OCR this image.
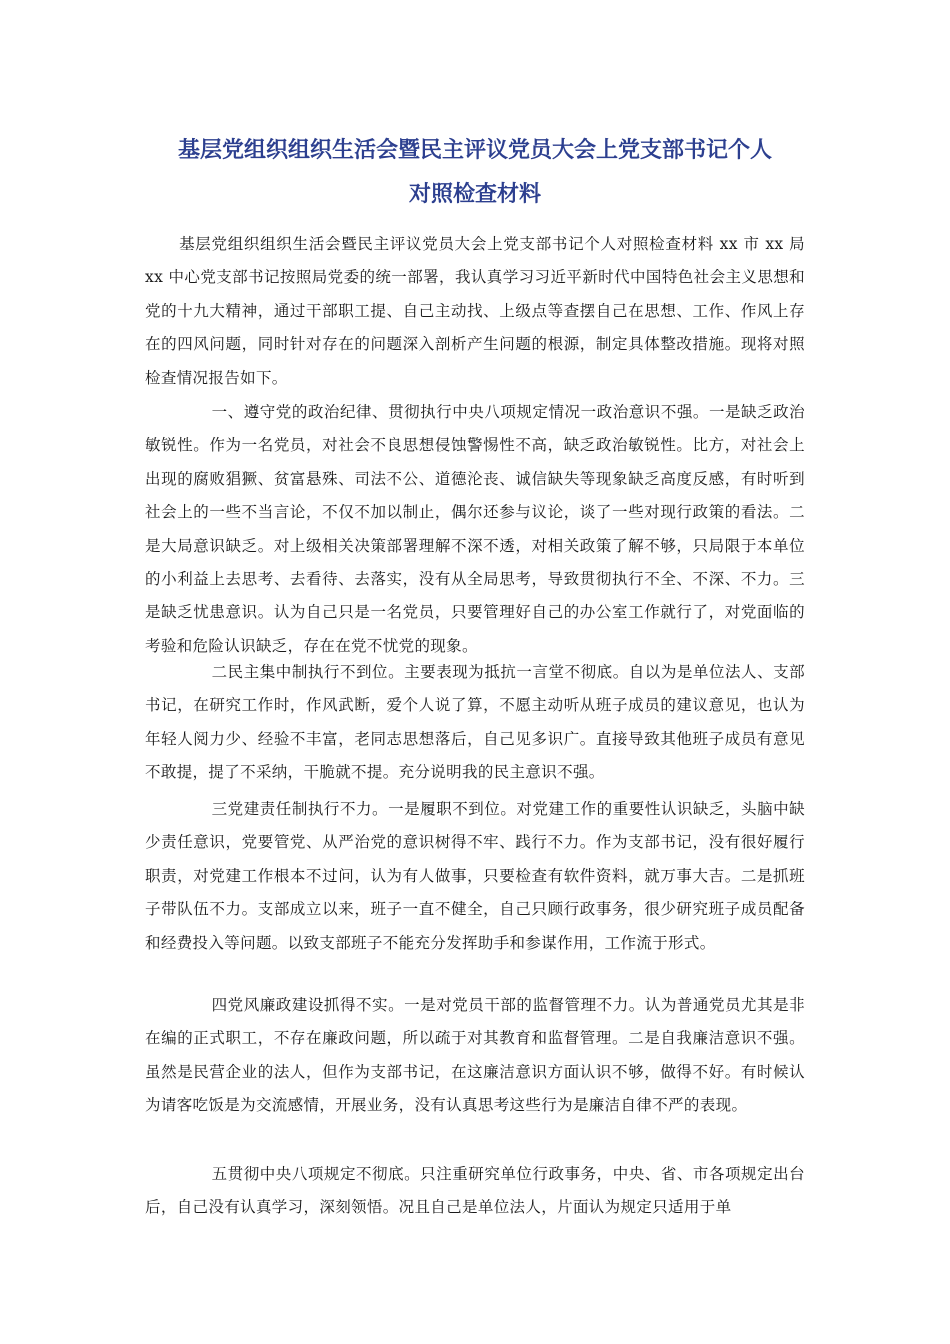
基层党组织组织生活会暨民主评议党员大会上党支部书记个人
对照检查材料

基层党组织组织生活会暨民主评议党员大会上党支部书记个人对照检查材料 xx 市 xx 局 xx 中心党支部书记按照局党委的统一部署，我认真学习习近平新时代中国特色社会主义思想和党的十九大精神，通过干部职工提、自己主动找、上级点等查摆自己在思想、工作、作风上存在的四风问题，同时针对存在的问题深入剖析产生问题的根源，制定具体整改措施。现将对照检查情况报告如下。

一、遵守党的政治纪律、贯彻执行中央八项规定情况一政治意识不强。一是缺乏政治敏锐性。作为一名党员，对社会不良思想侵蚀警惕性不高，缺乏政治敏锐性。比方，对社会上出现的腐败猖獗、贫富悬殊、司法不公、道德沦丧、诚信缺失等现象缺乏高度反感，有时听到社会上的一些不当言论，不仅不加以制止，偶尔还参与议论，谈了一些对现行政策的看法。二是大局意识缺乏。对上级相关决策部署理解不深不透，对相关政策了解不够，只局限于本单位的小利益上去思考、去看待、去落实，没有从全局思考，导致贯彻执行不全、不深、不力。三是缺乏忧患意识。认为自己只是一名党员，只要管理好自己的办公室工作就行了，对党面临的考验和危险认识缺乏，存在在党不忧党的现象。

二民主集中制执行不到位。主要表现为抵抗一言堂不彻底。自以为是单位法人、支部书记，在研究工作时，作风武断，爱个人说了算，不愿主动听从班子成员的建议意见，也认为年轻人阅力少、经验不丰富，老同志思想落后，自己见多识广。直接导致其他班子成员有意见不敢提，提了不采纳，干脆就不提。充分说明我的民主意识不强。

三党建责任制执行不力。一是履职不到位。对党建工作的重要性认识缺乏，头脑中缺少责任意识，党要管党、从严治党的意识树得不牢、践行不力。作为支部书记，没有很好履行职责，对党建工作根本不过问，认为有人做事，只要检查有软件资料，就万事大吉。二是抓班子带队伍不力。支部成立以来，班子一直不健全，自己只顾行政事务，很少研究班子成员配备和经费投入等问题。以致支部班子不能充分发挥助手和参谋作用，工作流于形式。

四党风廉政建设抓得不实。一是对党员干部的监督管理不力。认为普通党员尤其是非在编的正式职工，不存在廉政问题，所以疏于对其教育和监督管理。二是自我廉洁意识不强。虽然是民营企业的法人，但作为支部书记，在这廉洁意识方面认识不够，做得不好。有时候认为请客吃饭是为交流感情，开展业务，没有认真思考这些行为是廉洁自律不严的表现。

五贯彻中央八项规定不彻底。只注重研究单位行政事务，中央、省、市各项规定出台后，自己没有认真学习，深刻领悟。况且自己是单位法人，片面认为规定只适用于单
